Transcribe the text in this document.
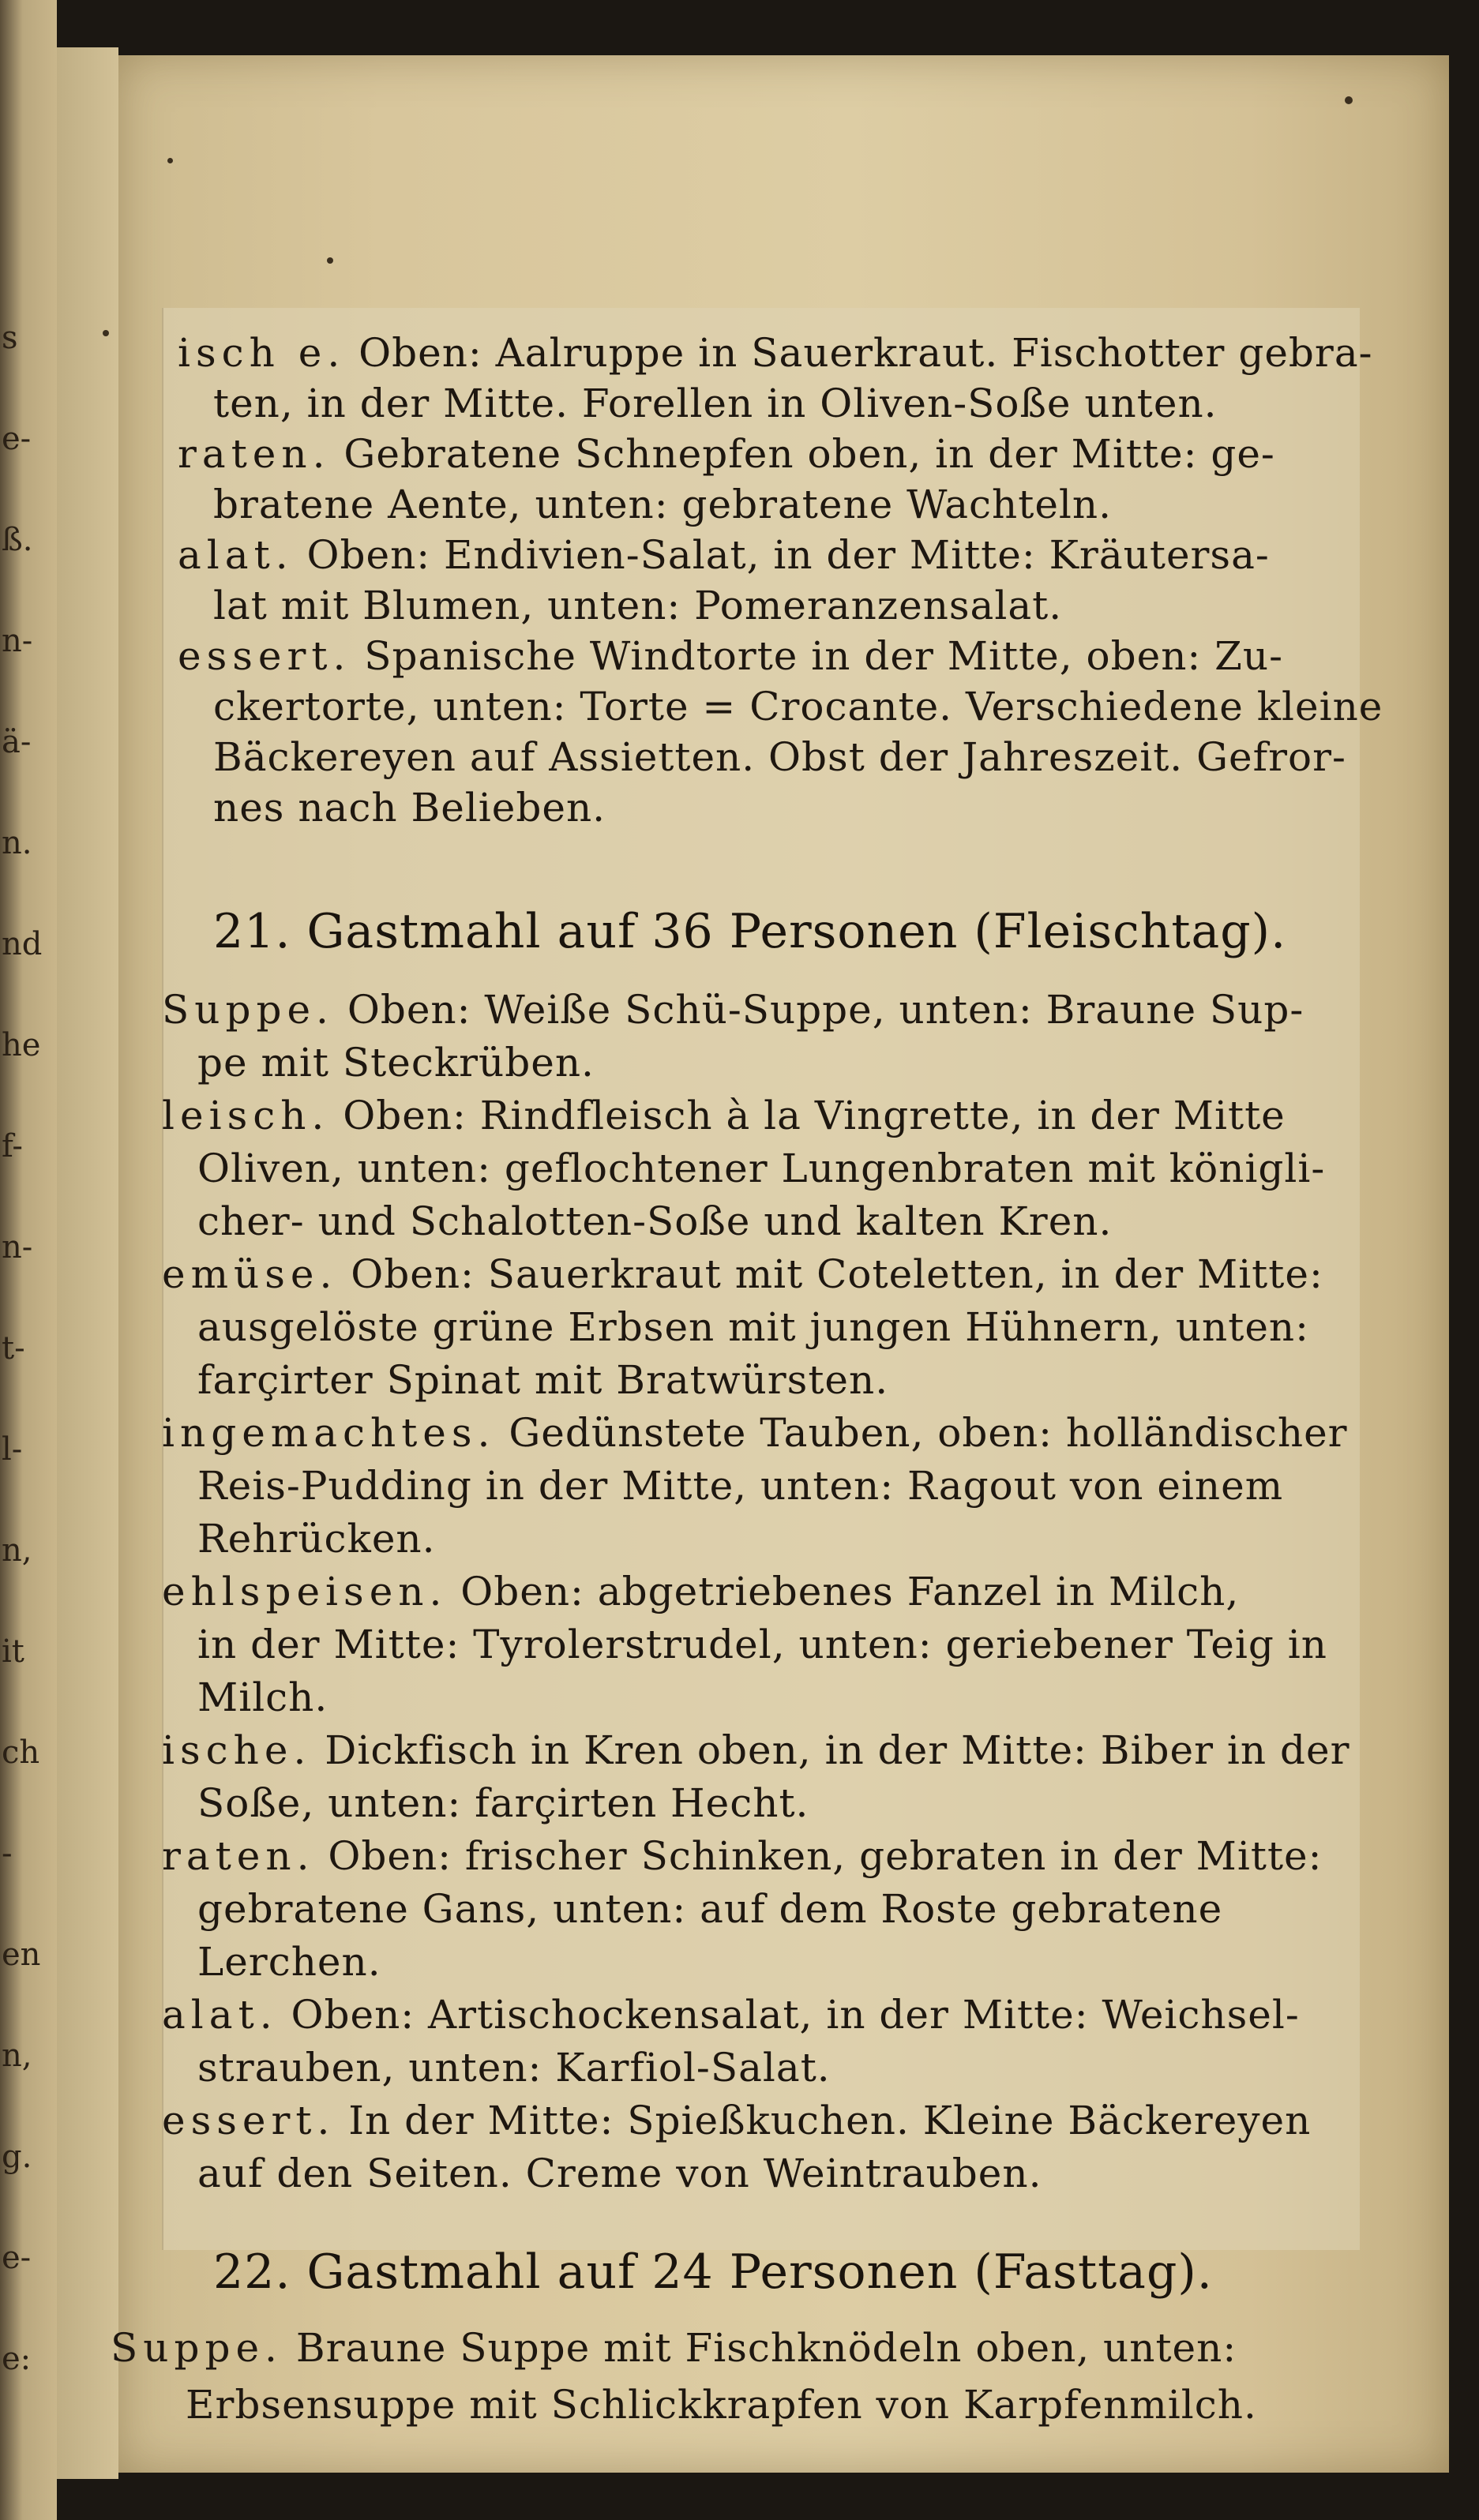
s
e-
ß.
n-
ä-
n.
nd
he
f-
n-
t-
l-
n,
it
ch
-
en
n,
g.
e-
e:
isch e. Oben: Aalruppe in Sauerkraut. Fischotter gebra-
ten, in der Mitte. Forellen in Oliven-Soße unten.
raten. Gebratene Schnepfen oben, in der Mitte: ge-
bratene Aente, unten: gebratene Wachteln.
alat. Oben: Endivien-Salat, in der Mitte: Kräutersa-
lat mit Blumen, unten: Pomeranzensalat.
essert. Spanische Windtorte in der Mitte, oben: Zu-
ckertorte, unten: Torte = Crocante. Verschiedene kleine
Bäckereyen auf Assietten. Obst der Jahreszeit. Gefror-
nes nach Belieben.
21. Gastmahl auf 36 Personen (Fleischtag).
Suppe. Oben: Weiße Schü-Suppe, unten: Braune Sup-
pe mit Steckrüben.
leisch. Oben: Rindfleisch à la Vingrette, in der Mitte
Oliven, unten: geflochtener Lungenbraten mit königli-
cher- und Schalotten-Soße und kalten Kren.
emüse. Oben: Sauerkraut mit Coteletten, in der Mitte:
ausgelöste grüne Erbsen mit jungen Hühnern, unten:
farçirter Spinat mit Bratwürsten.
ingemachtes. Gedünstete Tauben, oben: holländischer
Reis-Pudding in der Mitte, unten: Ragout von einem
Rehrücken.
ehlspeisen. Oben: abgetriebenes Fanzel in Milch,
in der Mitte: Tyrolerstrudel, unten: geriebener Teig in
Milch.
ische. Dickfisch in Kren oben, in der Mitte: Biber in der
Soße, unten: farçirten Hecht.
raten. Oben: frischer Schinken, gebraten in der Mitte:
gebratene Gans, unten: auf dem Roste gebratene
Lerchen.
alat. Oben: Artischockensalat, in der Mitte: Weichsel-
strauben, unten: Karfiol-Salat.
essert. In der Mitte: Spießkuchen. Kleine Bäckereyen
auf den Seiten. Creme von Weintrauben.
22. Gastmahl auf 24 Personen (Fasttag).
Suppe. Braune Suppe mit Fischknödeln oben, unten:
Erbsensuppe mit Schlickkrapfen von Karpfenmilch.
